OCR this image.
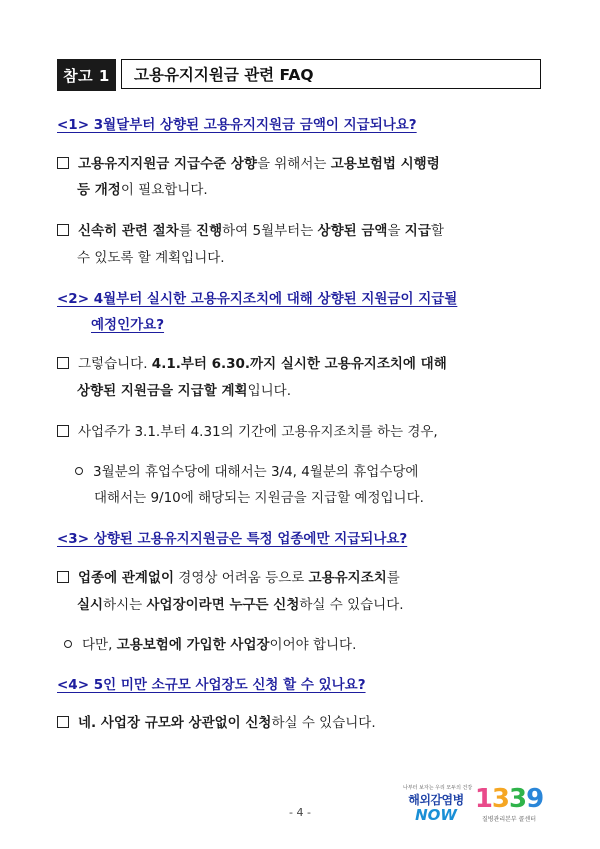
참고 1	고용유지지원금 관련 FAQ
<1> 3월달부터 상향된 고용유지지원금 금액이 지급되나요?
고용유지지원금 지급수준 상향을 위해서는 고용보험법 시행령
등 개정이 필요합니다.
신속히 관련 절차를 진행하여 5월부터는 상향된 금액을 지급할
수 있도록 할 계획입니다.
<2> 4월부터 실시한 고용유지조치에 대해 상향된 지원금이 지급될
예정인가요?
그렇습니다. 4.1.부터 6.30.까지 실시한 고용유지조치에 대해
상향된 지원금을 지급할 계획입니다.
사업주가 3.1.부터 4.31의 기간에 고용유지조치를 하는 경우,
3월분의 휴업수당에 대해서는 3/4, 4월분의 휴업수당에
대해서는 9/10에 해당되는 지원금을 지급할 예정입니다.
<3> 상향된 고용유지지원금은 특정 업종에만 지급되나요?
업종에 관계없이 경영상 어려움 등으로 고용유지조치를
실시하시는 사업장이라면 누구든 신청하실 수 있습니다.
다만, 고용보험에 가입한 사업장이어야 합니다.
<4> 5인 미만 소규모 사업장도 신청 할 수 있나요?
네. 사업장 규모와 상관없이 신청하실 수 있습니다.
- 4 -
나부터 보자는 우리 모두의 건강
해외감염병
NOW
1339
질병관리본부 콜센터
